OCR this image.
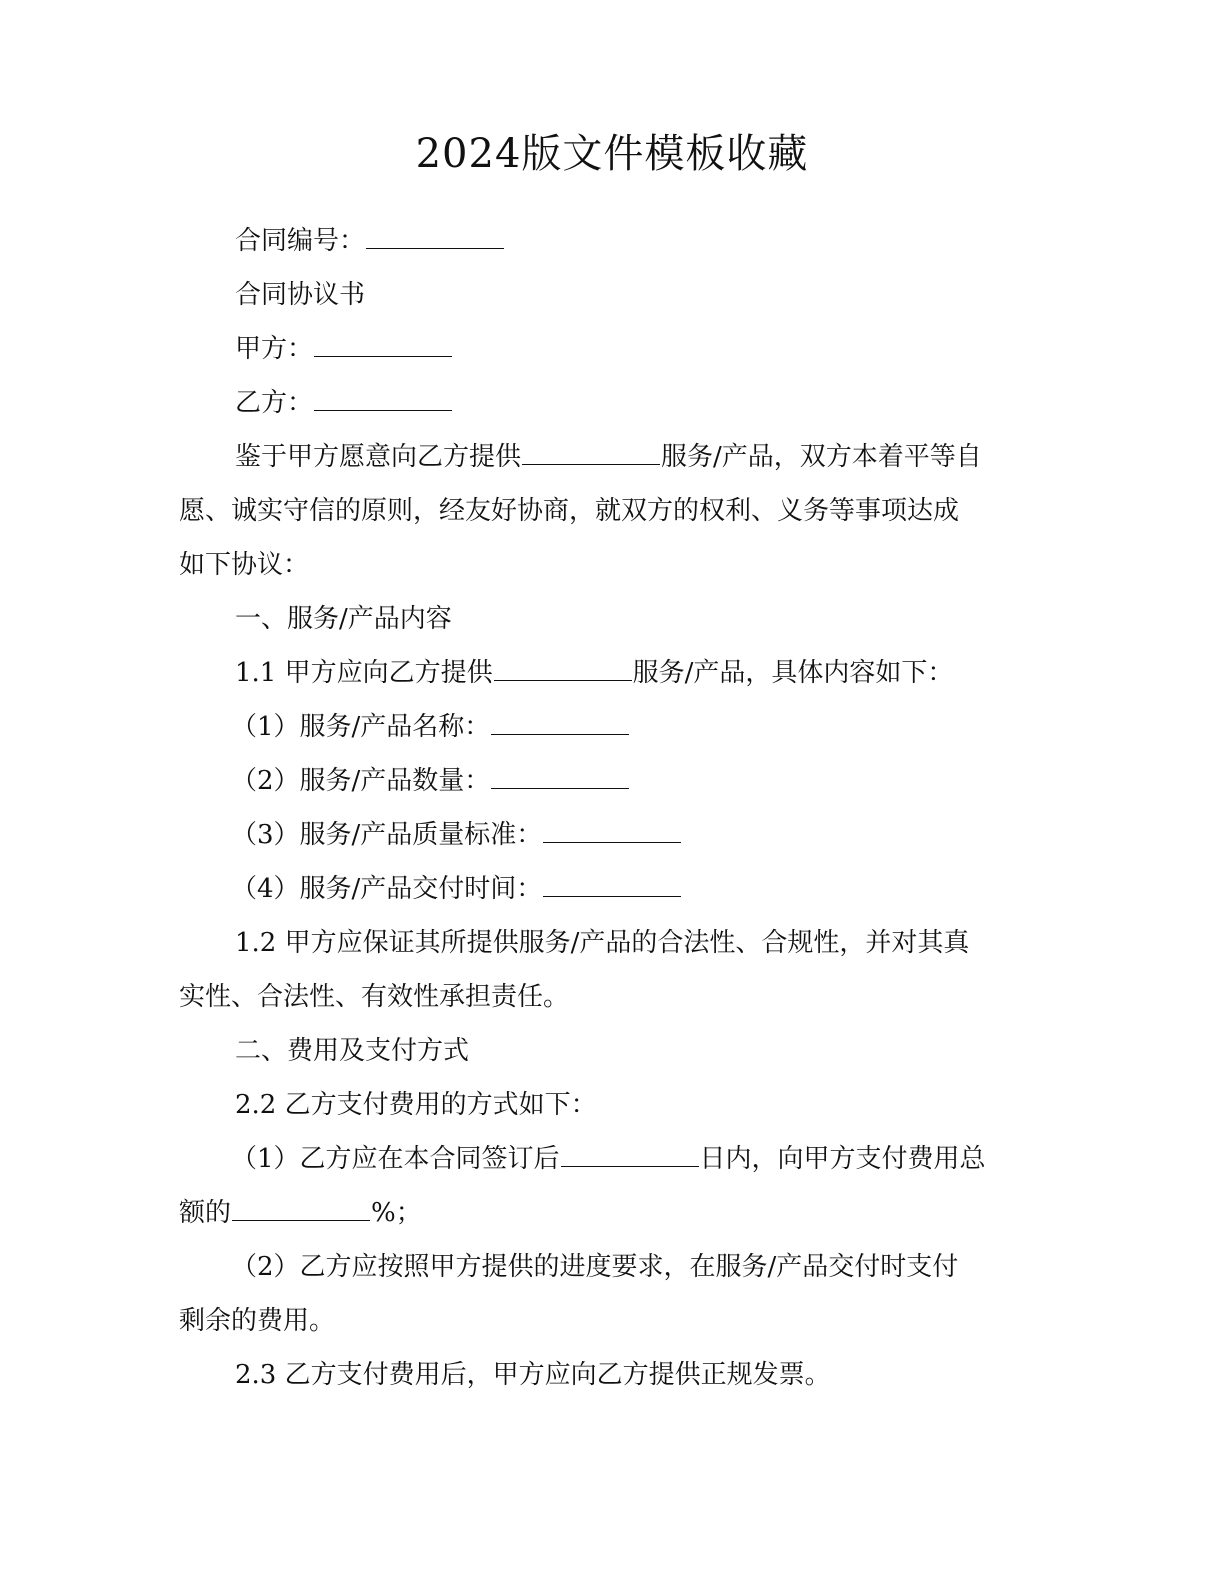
2024版文件模板收藏

合同编号：

合同协议书

甲方：

乙方：

鉴于甲方愿意向乙方提供	服务/产品，双方本着平等自

愿、诚实守信的原则，经友好协商，就双方的权利、义务等事项达成

如下协议：

一、服务/产品内容

1.1 甲方应向乙方提供	服务/产品，具体内容如下：

（1）服务/产品名称：

（2）服务/产品数量：

（3）服务/产品质量标准：

（4）服务/产品交付时间：

1.2 甲方应保证其所提供服务/产品的合法性、合规性，并对其真

实性、合法性、有效性承担责任。

二、费用及支付方式

2.2 乙方支付费用的方式如下：

（1）乙方应在本合同签订后	日内，向甲方支付费用总

额的	%；

（2）乙方应按照甲方提供的进度要求，在服务/产品交付时支付

剩余的费用。

2.3 乙方支付费用后，甲方应向乙方提供正规发票。
